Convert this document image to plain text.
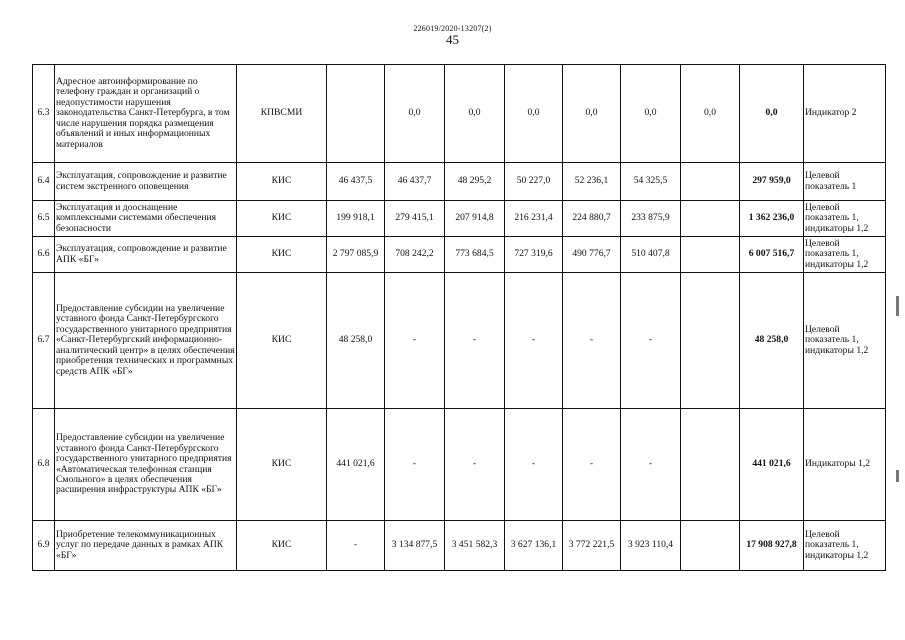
226019/2020-13207(2)
45
6.3	Адресное автоинформирование по телефону граждан и организаций о недопустимости нарушения законодательства Санкт-Петербурга, в том числе нарушения порядка размещения объявлений и иных информационных материалов	КПВСМИ		0,0	0,0	0,0	0,0	0,0	0,0	0,0	Индикатор 2
6.4	Эксплуатация, сопровождение и развитие систем экстренного оповещения	КИС	46 437,5	46 437,7	48 295,2	50 227,0	52 236,1	54 325,5		297 959,0	Целевой показатель 1
6.5	Эксплуатация и дооснащение комплексными системами обеспечения безопасности	КИС	199 918,1	279 415,1	207 914,8	216 231,4	224 880,7	233 875,9		1 362 236,0	Целевой показатель 1, индикаторы 1,2
6.6	Эксплуатация, сопровождение и развитие АПК «БГ»	КИС	2 797 085,9	708 242,2	773 684,5	727 319,6	490 776,7	510 407,8		6 007 516,7	Целевой показатель 1, индикаторы 1,2
6.7	Предоставление субсидии на увеличение уставного фонда Санкт-Петербургского государственного унитарного предприятия «Санкт-Петербургский информационно-аналитический центр» в целях обеспечения приобретения технических и программных средств АПК «БГ»	КИС	48 258,0	-	-	-	-	-		48 258,0	Целевой показатель 1, индикаторы 1,2
6.8	Предоставление субсидии на увеличение уставного фонда Санкт-Петербургского государственного унитарного предприятия «Автоматическая телефонная станция Смольного» в целях обеспечения расширения инфраструктуры АПК «БГ»	КИС	441 021,6	-	-	-	-	-		441 021,6	Индикаторы 1,2
6.9	Приобретение телекоммуникационных услуг по передаче данных в рамках АПК «БГ»	КИС	-	3 134 877,5	3 451 582,3	3 627 136,1	3 772 221,5	3 923 110,4		17 908 927,8	Целевой показатель 1, индикаторы 1,2
